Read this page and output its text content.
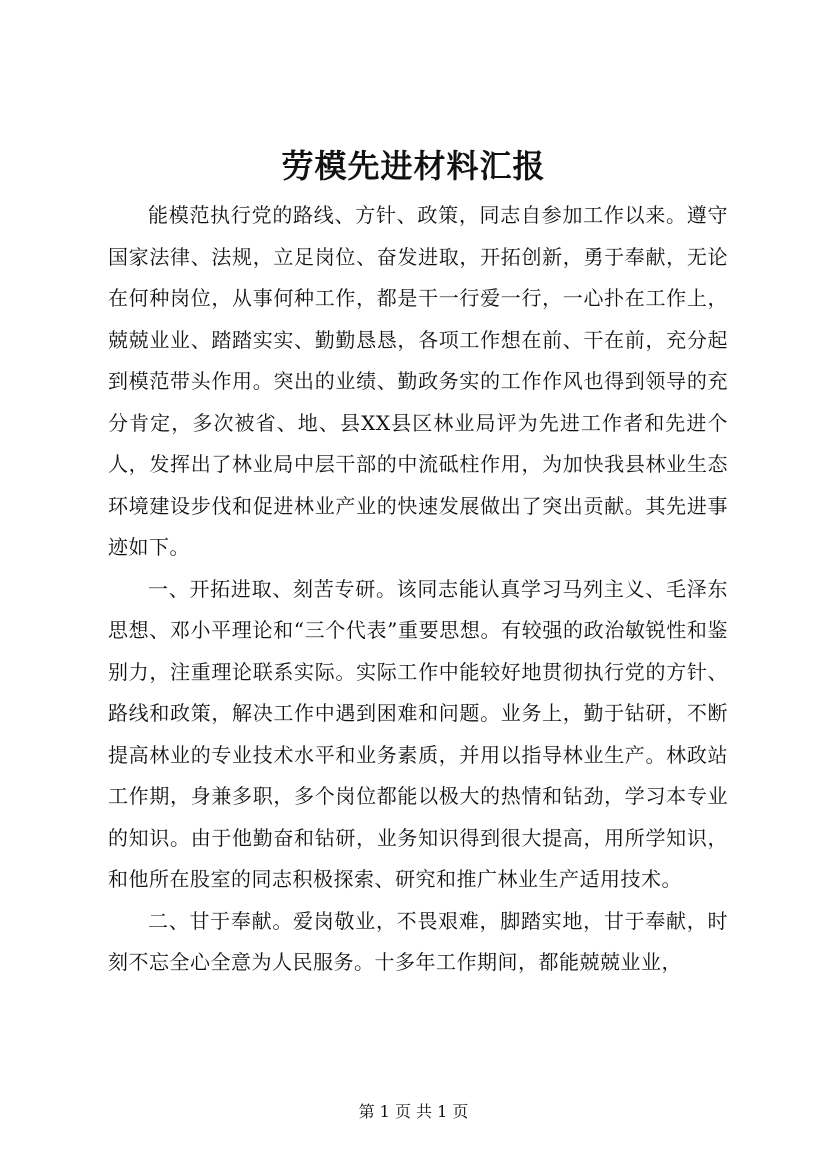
劳模先进材料汇报

能模范执行党的路线、方针、政策，同志自参加工作以来。遵守国家法律、法规，立足岗位、奋发进取，开拓创新，勇于奉献，无论在何种岗位，从事何种工作，都是干一行爱一行，一心扑在工作上，兢兢业业、踏踏实实、勤勤恳恳，各项工作想在前、干在前，充分起到模范带头作用。突出的业绩、勤政务实的工作作风也得到领导的充分肯定，多次被省、地、县XX县区林业局评为先进工作者和先进个人，发挥出了林业局中层干部的中流砥柱作用，为加快我县林业生态环境建设步伐和促进林业产业的快速发展做出了突出贡献。其先进事迹如下。

一、开拓进取、刻苦专研。该同志能认真学习马列主义、毛泽东思想、邓小平理论和“三个代表”重要思想。有较强的政治敏锐性和鉴别力，注重理论联系实际。实际工作中能较好地贯彻执行党的方针、路线和政策，解决工作中遇到困难和问题。业务上，勤于钻研，不断提高林业的专业技术水平和业务素质，并用以指导林业生产。林政站工作期，身兼多职，多个岗位都能以极大的热情和钻劲，学习本专业的知识。由于他勤奋和钻研，业务知识得到很大提高，用所学知识，和他所在股室的同志积极探索、研究和推广林业生产适用技术。

二、甘于奉献。爱岗敬业，不畏艰难，脚踏实地，甘于奉献，时刻不忘全心全意为人民服务。十多年工作期间，都能兢兢业业，

第 1 页 共 1 页
